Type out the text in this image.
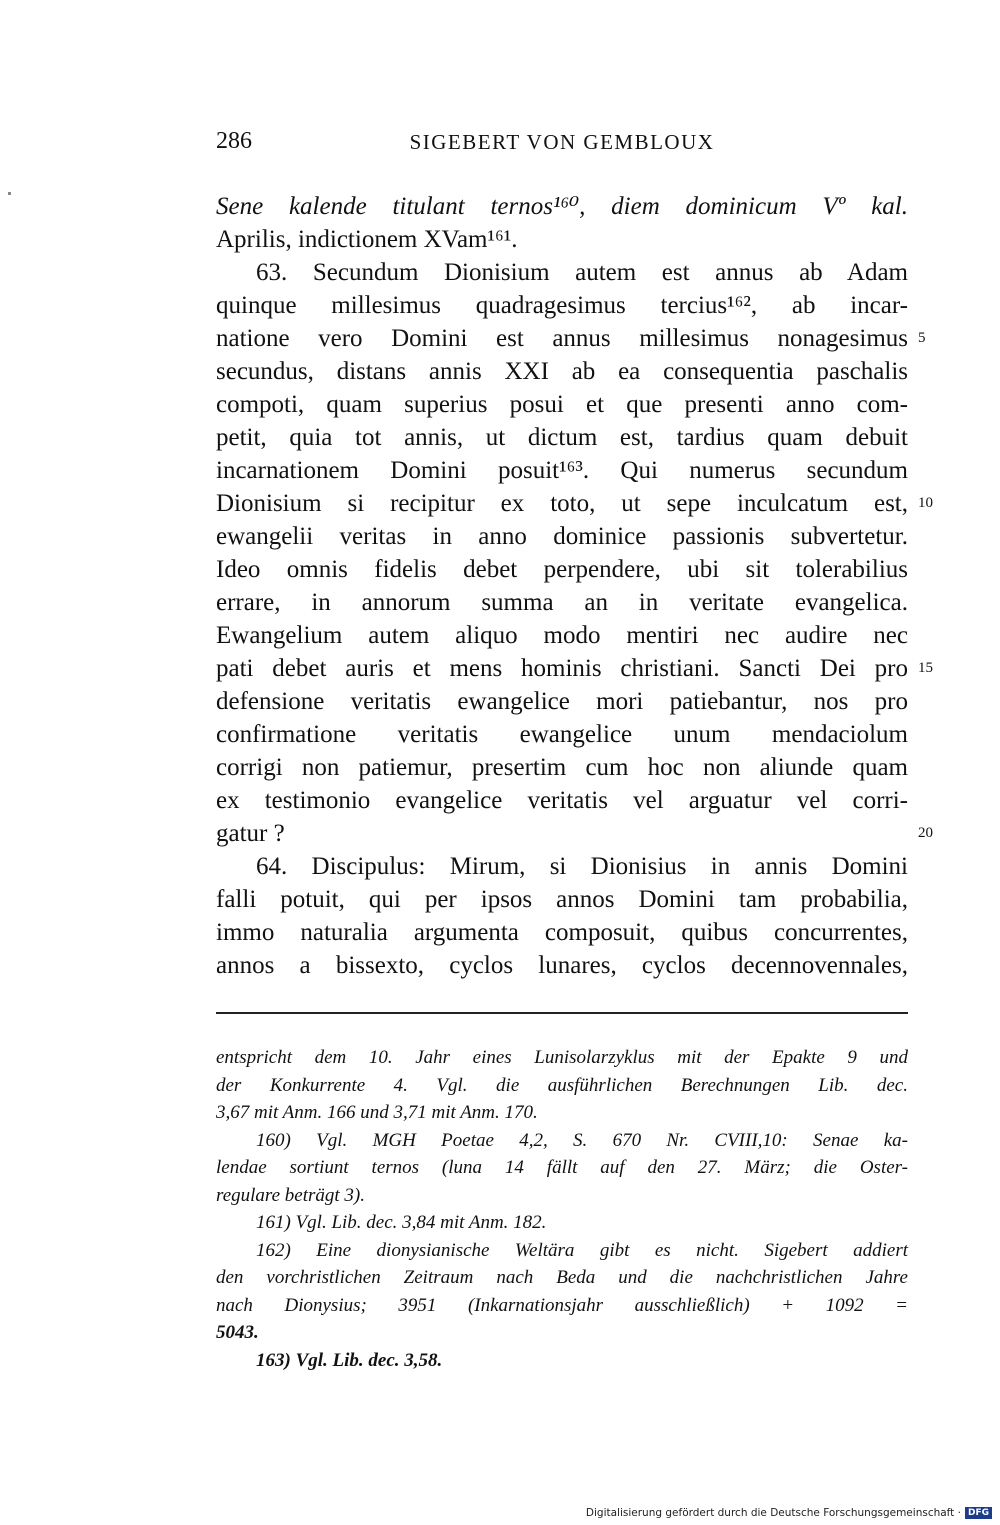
286	SIGEBERT VON GEMBLOUX
Sene kalende titulant ternos¹⁶⁰, diem dominicum Vº kal.
Aprilis, indictionem XVam¹⁶¹.
63. Secundum Dionisium autem est annus ab Adam
quinque millesimus quadragesimus tercius¹⁶², ab incar-
natione vero Domini est annus millesimus nonagesimus 5
secundus, distans annis XXI ab ea consequentia paschalis
compoti, quam superius posui et que presenti anno com-
petit, quia tot annis, ut dictum est, tardius quam debuit
incarnationem Domini posuit¹⁶³. Qui numerus secundum
Dionisium si recipitur ex toto, ut sepe inculcatum est, 10
ewangelii veritas in anno dominice passionis subvertetur.
Ideo omnis fidelis debet perpendere, ubi sit tolerabilius
errare, in annorum summa an in veritate evangelica.
Ewangelium autem aliquo modo mentiri nec audire nec
pati debet auris et mens hominis christiani. Sancti Dei pro 15
defensione veritatis ewangelice mori patiebantur, nos pro
confirmatione veritatis ewangelice unum mendaciolum
corrigi non patiemur, presertim cum hoc non aliunde quam
ex testimonio evangelice veritatis vel arguatur vel corri-
gatur ?	20
64. Discipulus: Mirum, si Dionisius in annis Domini
falli potuit, qui per ipsos annos Domini tam probabilia,
immo naturalia argumenta composuit, quibus concurrentes,
annos a bissexto, cyclos lunares, cyclos decennovennales,
entspricht dem 10. Jahr eines Lunisolarzyklus mit der Epakte 9 und
der Konkurrente 4. Vgl. die ausführlichen Berechnungen Lib. dec.
3,67 mit Anm. 166 und 3,71 mit Anm. 170.
160) Vgl. MGH Poetae 4,2, S. 670 Nr. CVIII,10: Senae ka-
lendae sortiunt ternos (luna 14 fällt auf den 27. März; die Oster-
regulare beträgt 3).
161) Vgl. Lib. dec. 3,84 mit Anm. 182.
162) Eine dionysianische Weltära gibt es nicht. Sigebert addiert
den vorchristlichen Zeitraum nach Beda und die nachchristlichen Jahre
nach Dionysius; 3951 (Inkarnationsjahr ausschließlich) + 1092 =
5043.
163) Vgl. Lib. dec. 3,58.
Digitalisierung gefördert durch die Deutsche Forschungsgemeinschaft · DFG
